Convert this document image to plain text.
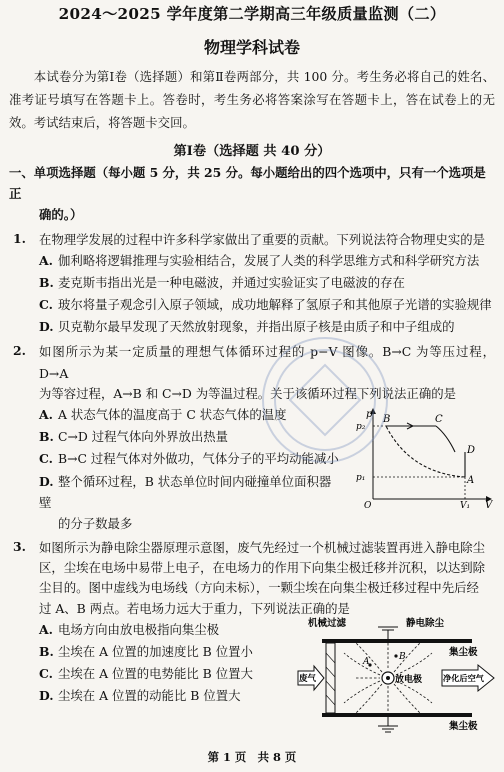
2024～2025 学年度第二学期高三年级质量监测（二）
物理学科试卷
本试卷分为第Ⅰ卷（选择题）和第Ⅱ卷两部分，共 100 分。考生务必将自己的姓名、准考证号填写在答题卡上。答卷时，考生务必将答案涂写在答题卡上，答在试卷上的无效。考试结束后，将答题卡交回。
第Ⅰ卷（选择题 共 40 分）
一、单项选择题（每小题 5 分，共 25 分。每小题给出的四个选项中，只有一个选项是正
确的。）
1.	在物理学发展的过程中许多科学家做出了重要的贡献。下列说法符合物理史实的是
A. 伽利略将逻辑推理与实验相结合，发展了人类的科学思维方式和科学研究方法
B. 麦克斯韦指出光是一种电磁波，并通过实验证实了电磁波的存在
C. 玻尔将量子观念引入原子领域，成功地解释了氢原子和其他原子光谱的实验规律
D. 贝克勒尔最早发现了天然放射现象，并指出原子核是由质子和中子组成的
2.	如图所示为某一定质量的理想气体循环过程的 p−V 图像。B→C 为等压过程，D→A
为等容过程，A→B 和 C→D 为等温过程。关于该循环过程下列说法正确的是
A. A 状态气体的温度高于 C 状态气体的温度
B. C→D 过程气体向外界放出热量
C. B→C 过程气体对外做功，气体分子的平均动能减小
D. 整个循环过程，B 状态单位时间内碰撞单位面积器壁
的分子数最多
3.	如图所示为静电除尘器原理示意图，废气先经过一个机械过滤装置再进入静电除尘
区，尘埃在电场中易带上电子，在电场力的作用下向集尘极迁移并沉积，以达到除
尘目的。图中虚线为电场线（方向未标），一颗尘埃在向集尘极迁移过程中先后经
过 A、B 两点。若电场力远大于重力，下列说法正确的是
A. 电场方向由放电极指向集尘极
B. 尘埃在 A 位置的加速度比 B 位置小
C. 尘埃在 A 位置的电势能比 B 位置大
D. 尘埃在 A 位置的动能比 B 位置大
p
V
O
p₂
p₁
V₁
B	C
D
A
机械过滤	静电除尘
集尘极
集尘极
废气	放电极
A	B
净化后空气
第 1 页　共 8 页
